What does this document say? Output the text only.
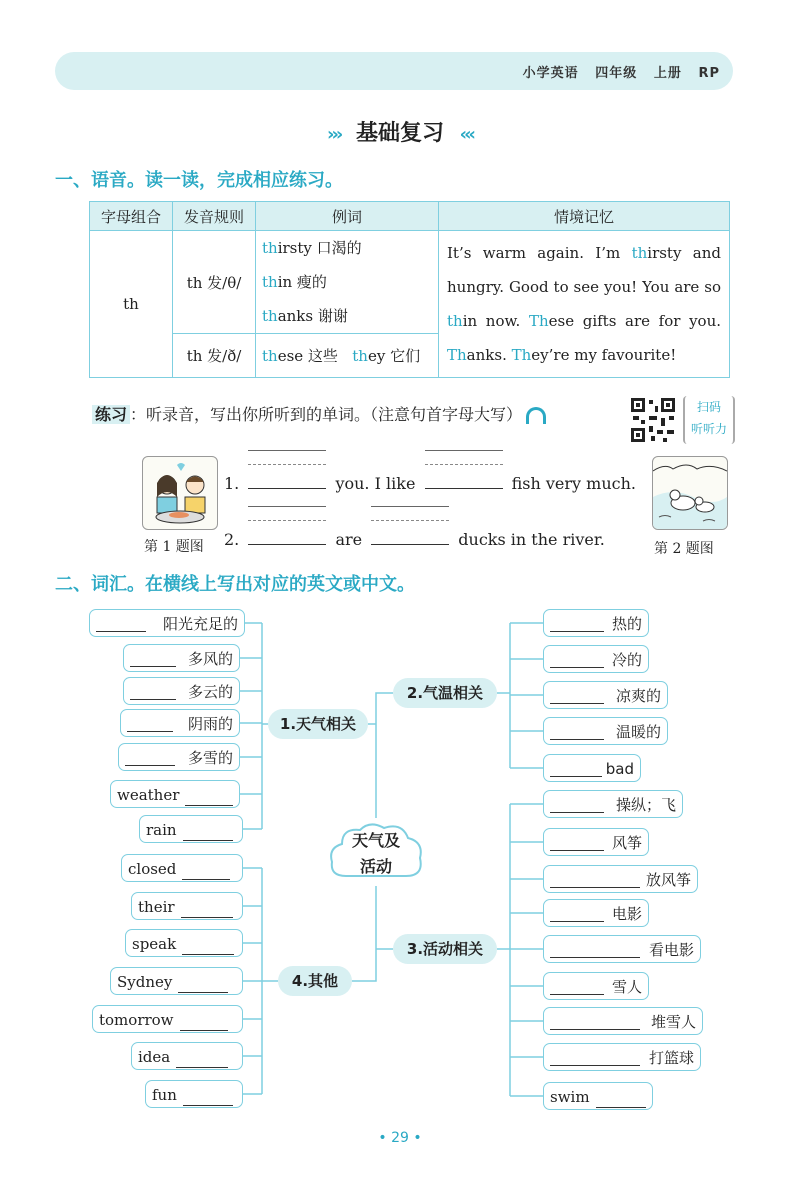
小学英语 四年级 上册 RP
››› 基础复习 ‹‹‹
一、语音。读一读，完成相应练习。
字母组合	发音规则	例词	情境记忆
th	th 发/θ/	thirsty 口渴的
thin 瘦的
thanks 谢谢	It’s warm again. I’m thirsty and hungry. Good to see you! You are so thin now. These gifts are for you. Thanks. They’re my favourite!
	th 发/ð/	these 这些 they 它们	
练习 ：听录音，写出你所听到的单词。（注意句首字母大写）	扫码
听听力
第 1 题图	第 2 题图
1.	you. I like	fish very much.
2.	are	ducks in the river.
二、词汇。在横线上写出对应的英文或中文。
天气及
活动
1.天气相关
2.气温相关
3.活动相关
4.其他
阳光充足的
多风的
多云的
阴雨的
多雪的
weather
rain
closed
their
speak
Sydney
tomorrow
idea
fun
热的
冷的
凉爽的
温暖的
bad
操纵；飞
风筝
放风筝
电影
看电影
雪人
堆雪人
打篮球
swim
• 29 •
